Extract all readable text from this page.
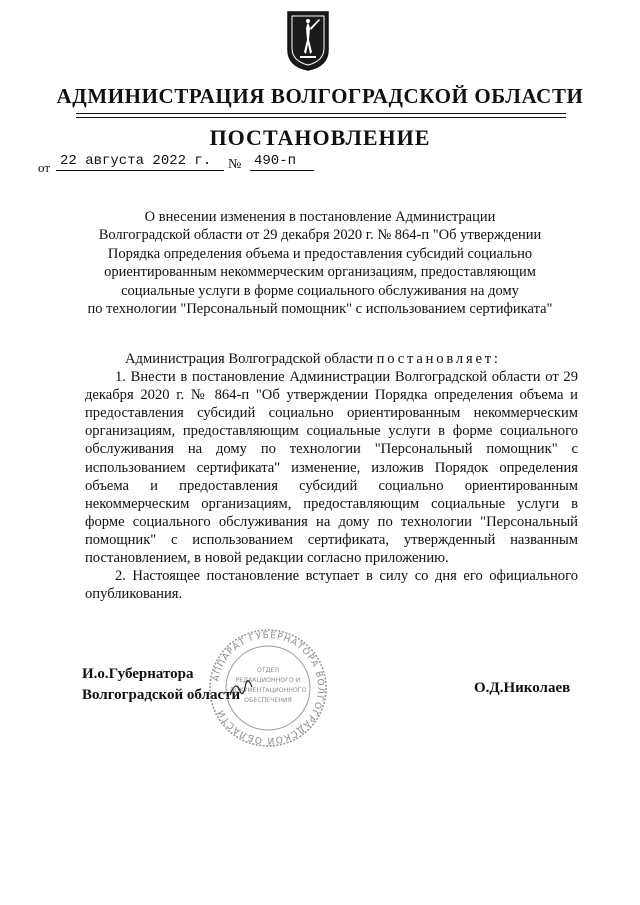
АДМИНИСТРАЦИЯ ВОЛГОГРАДСКОЙ ОБЛАСТИ
ПОСТАНОВЛЕНИЕ
от 22 августа 2022 г.	№ 490-п
О внесении изменения в постановление Администрации
Волгоградской области от 29 декабря 2020 г. № 864-п "Об утверждении
Порядка определения объема и предоставления субсидий социально
ориентированным некоммерческим организациям, предоставляющим
социальные услуги в форме социального обслуживания на дому
по технологии "Персональный помощник" с использованием сертификата"

Администрация Волгоградской области постановляет:

1. Внести в постановление Администрации Волгоградской области от 29 декабря 2020 г. № 864-п "Об утверждении Порядка определения объема и предоставления субсидий социально ориентированным некоммерческим организациям, предоставляющим социальные услуги в форме социального обслуживания на дому по технологии "Персональный помощник" с использованием сертификата" изменение, изложив Порядок определения объема и предоставления субсидий социально ориентированным некоммерческим организациям, предоставляющим социальные услуги в форме социального обслуживания на дому по технологии "Персональный помощник" с использованием сертификата, утвержденный названным постановлением, в новой редакции согласно приложению.

2. Настоящее постановление вступает в силу со дня его официального опубликования.

И.о.Губернатора
Волгоградской области	О.Д.Николаев
АППАРАТ ГУБЕРНАТОРА ВОЛГОГРАДСКОЙ ОБЛАСТИ
ОТДЕЛ
РЕДАКЦИОННОГО И
ДОКУМЕНТАЦИОННОГО
ОБЕСПЕЧЕНИЯ
